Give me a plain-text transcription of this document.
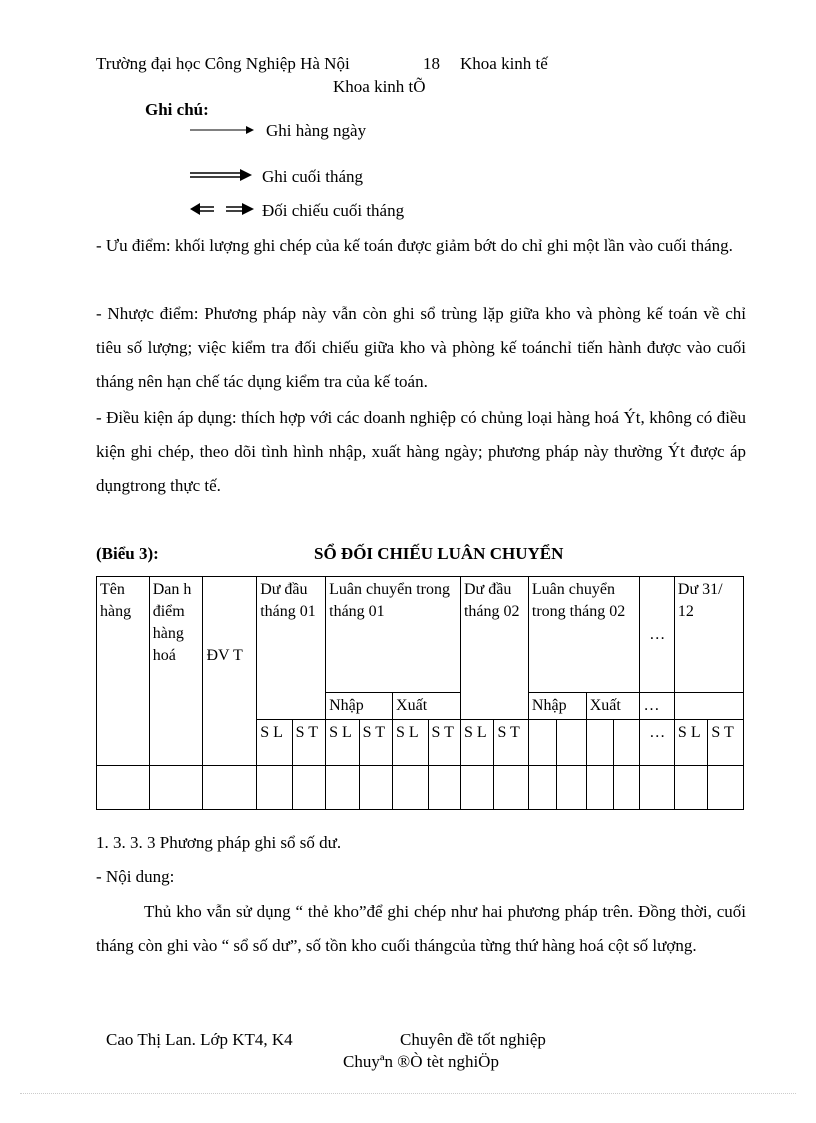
Trường đại học Công Nghiệp Hà Nội	18 Khoa kinh tế
Khoa kinh tÕ
Ghi chú:
Ghi hàng ngày
Ghi cuối tháng
Đối chiếu cuối tháng
- Ưu điểm: khối lượng ghi chép của kế toán được giảm bớt do chỉ ghi một lần vào cuối tháng.
- Nhược điểm: Phương pháp này vẫn còn ghi sổ trùng lặp giữa kho và phòng kế toán về chỉ tiêu số lượng; việc kiểm tra đối chiếu giữa kho và phòng kế toánchỉ tiến hành được vào cuối tháng nên hạn chế tác dụng kiểm tra của kế toán.
- Điều kiện áp dụng: thích hợp với các doanh nghiệp có chủng loại hàng hoá Ýt, không có điều kiện ghi chép, theo dõi tình hình nhập, xuất hàng ngày; phương pháp này thường Ýt được áp dụngtrong thực tế.
(Biểu 3):	SỔ ĐỐI CHIẾU LUÂN CHUYỂN
Tên hàng	Dan h điểm hàng hoá	ĐV T	Dư đầu tháng 01		Luân chuyển trong tháng 01				Dư đầu tháng 02		Luân chuyển trong tháng 02				…	Dư 31/ 12	
					Nhập		Xuất				Nhập		Xuất		…		
			S L	S T	S L	S T	S L	S T	S L	S T					…	S L	S T

1. 3. 3. 3 Phương pháp ghi sổ số dư.
- Nội dung:
Thủ kho vẫn sử dụng “ thẻ kho”để ghi chép như hai phương pháp trên. Đồng thời, cuối tháng còn ghi vào “ sổ số dư”, số tồn kho cuối thángcủa từng thứ hàng hoá cột số lượng.
Cao Thị Lan. Lớp KT4, K4	Chuyên đề tốt nghiệp
Chuyªn ®Ò tèt nghiÖp
